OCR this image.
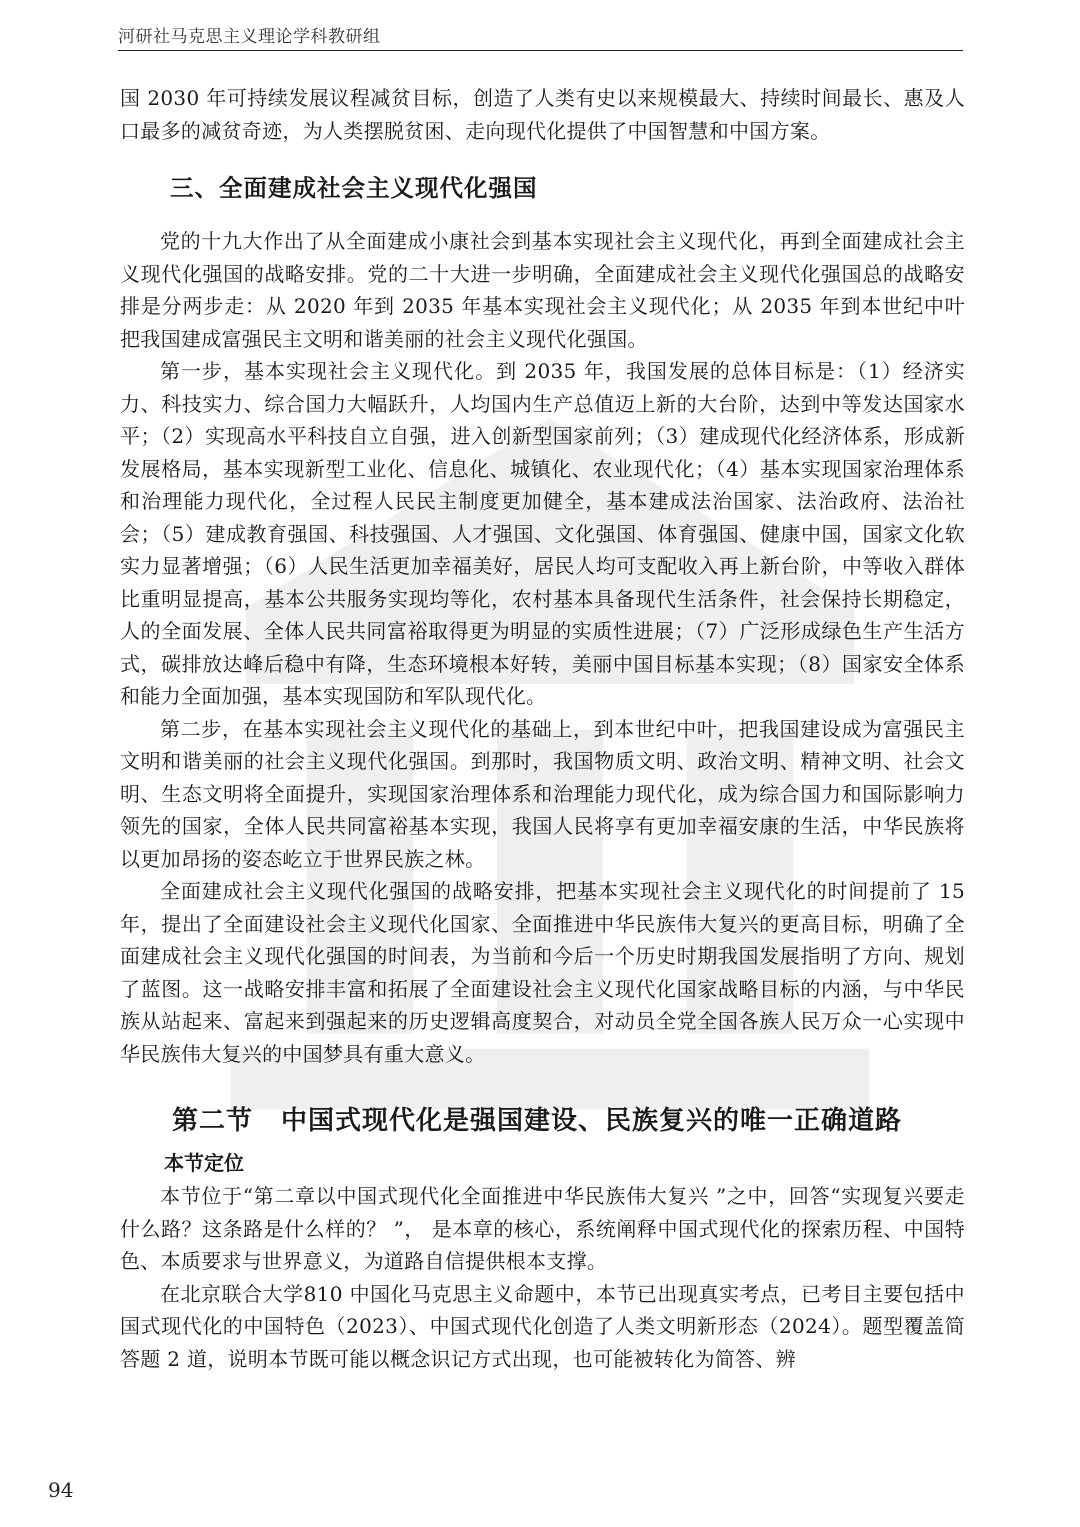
河研社马克思主义理论学科教研组

国 2030 年可持续发展议程减贫目标，创造了人类有史以来规模最大、持续时间最长、惠及人口最多的减贫奇迹，为人类摆脱贫困、走向现代化提供了中国智慧和中国方案。

三、全面建成社会主义现代化强国

党的十九大作出了从全面建成小康社会到基本实现社会主义现代化，再到全面建成社会主义现代化强国的战略安排。党的二十大进一步明确，全面建成社会主义现代化强国总的战略安排是分两步走：从 2020 年到 2035 年基本实现社会主义现代化；从 2035 年到本世纪中叶把我国建成富强民主文明和谐美丽的社会主义现代化强国。

第一步，基本实现社会主义现代化。到 2035 年，我国发展的总体目标是：（1）经济实力、科技实力、综合国力大幅跃升，人均国内生产总值迈上新的大台阶，达到中等发达国家水平；（2）实现高水平科技自立自强，进入创新型国家前列；（3）建成现代化经济体系，形成新发展格局，基本实现新型工业化、信息化、城镇化、农业现代化；（4）基本实现国家治理体系和治理能力现代化，全过程人民民主制度更加健全，基本建成法治国家、法治政府、法治社会；（5）建成教育强国、科技强国、人才强国、文化强国、体育强国、健康中国，国家文化软实力显著增强；（6）人民生活更加幸福美好，居民人均可支配收入再上新台阶，中等收入群体比重明显提高，基本公共服务实现均等化，农村基本具备现代生活条件，社会保持长期稳定，人的全面发展、全体人民共同富裕取得更为明显的实质性进展；（7）广泛形成绿色生产生活方式，碳排放达峰后稳中有降，生态环境根本好转，美丽中国目标基本实现；（8）国家安全体系和能力全面加强，基本实现国防和军队现代化。

第二步，在基本实现社会主义现代化的基础上，到本世纪中叶，把我国建设成为富强民主文明和谐美丽的社会主义现代化强国。到那时，我国物质文明、政治文明、精神文明、社会文明、生态文明将全面提升，实现国家治理体系和治理能力现代化，成为综合国力和国际影响力领先的国家，全体人民共同富裕基本实现，我国人民将享有更加幸福安康的生活，中华民族将以更加昂扬的姿态屹立于世界民族之林。

全面建成社会主义现代化强国的战略安排，把基本实现社会主义现代化的时间提前了 15 年，提出了全面建设社会主义现代化国家、全面推进中华民族伟大复兴的更高目标，明确了全面建成社会主义现代化强国的时间表，为当前和今后一个历史时期我国发展指明了方向、规划了蓝图。这一战略安排丰富和拓展了全面建设社会主义现代化国家战略目标的内涵，与中华民族从站起来、富起来到强起来的历史逻辑高度契合，对动员全党全国各族人民万众一心实现中华民族伟大复兴的中国梦具有重大意义。

第二节 中国式现代化是强国建设、民族复兴的唯一正确道路
本节定位

本节位于“第二章以中国式现代化全面推进中华民族伟大复兴 ”之中，回答“实现复兴要走什么路？这条路是什么样的？ ”， 是本章的核心，系统阐释中国式现代化的探索历程、中国特色、本质要求与世界意义，为道路自信提供根本支撑。

在北京联合大学810 中国化马克思主义命题中，本节已出现真实考点，已考目主要包括中国式现代化的中国特色（2023）、中国式现代化创造了人类文明新形态（2024）。题型覆盖简答题 2 道，说明本节既可能以概念识记方式出现，也可能被转化为简答、辨

94
